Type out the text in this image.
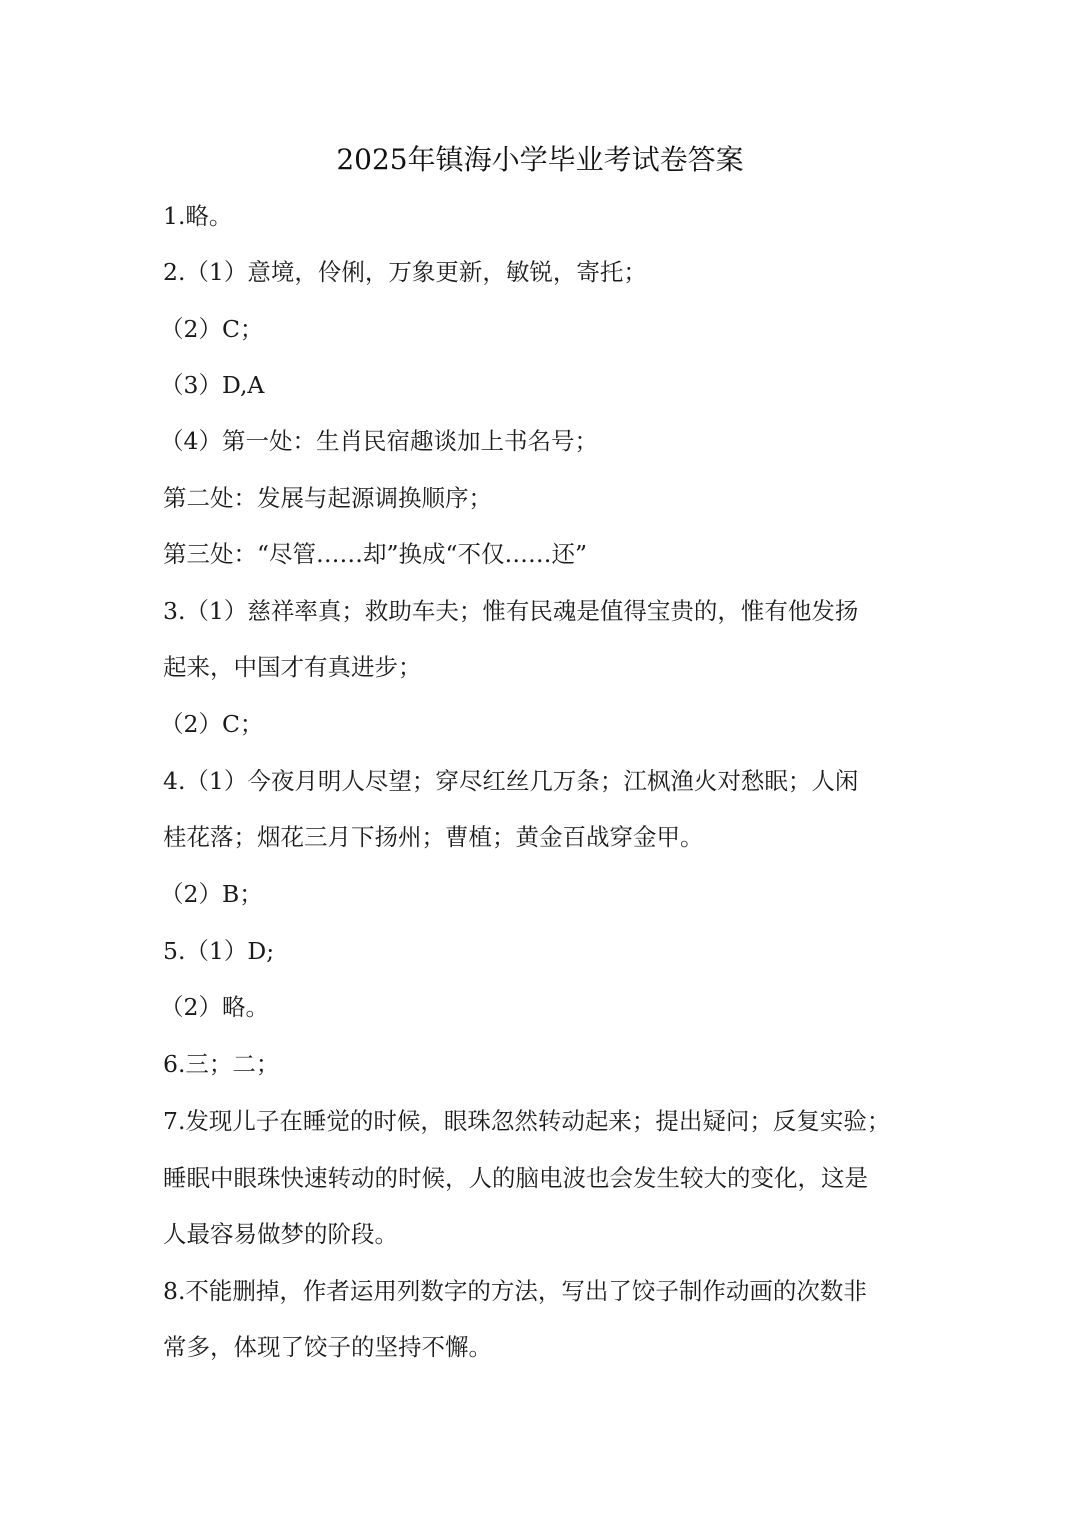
2025年镇海小学毕业考试卷答案
1.略。
2.（1）意境，伶俐，万象更新，敏锐，寄托；
（2）C；
（3）D,A
（4）第一处：生肖民宿趣谈加上书名号；
第二处：发展与起源调换顺序；
第三处：“尽管……却”换成“不仅……还”
3.（1）慈祥率真；救助车夫；惟有民魂是值得宝贵的，惟有他发扬
起来，中国才有真进步；
（2）C；
4.（1）今夜月明人尽望；穿尽红丝几万条；江枫渔火对愁眠；人闲
桂花落；烟花三月下扬州；曹植；黄金百战穿金甲。
（2）B；
5.（1）D;
（2）略。
6.三；二；
7.发现儿子在睡觉的时候，眼珠忽然转动起来；提出疑问；反复实验；
睡眠中眼珠快速转动的时候，人的脑电波也会发生较大的变化，这是
人最容易做梦的阶段。
8.不能删掉，作者运用列数字的方法，写出了饺子制作动画的次数非
常多，体现了饺子的坚持不懈。
